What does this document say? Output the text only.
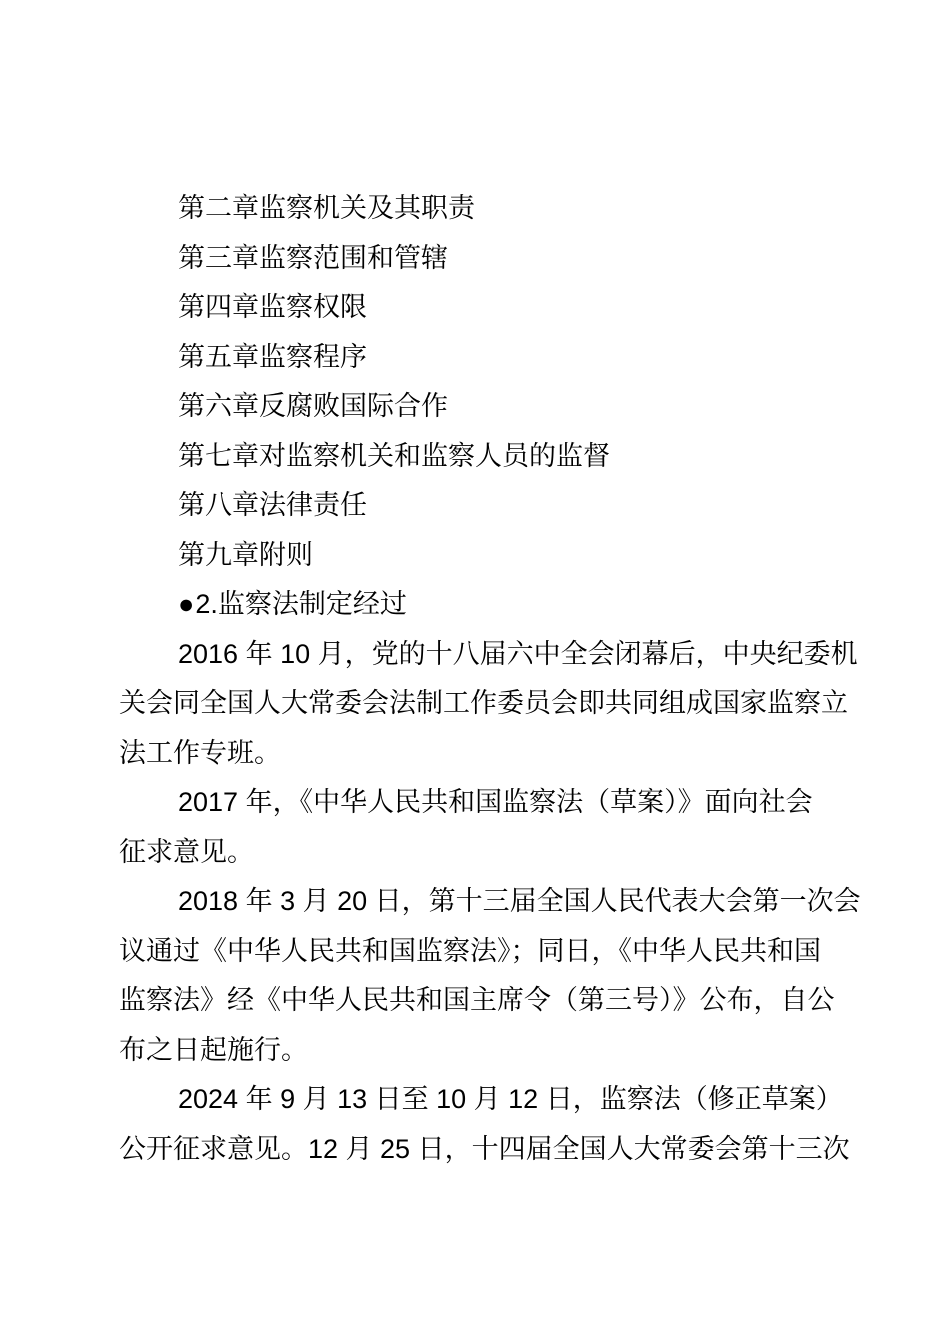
第二章监察机关及其职责
第三章监察范围和管辖
第四章监察权限
第五章监察程序
第六章反腐败国际合作
第七章对监察机关和监察人员的监督
第八章法律责任
第九章附则
●2.监察法制定经过
2016 年 10 月，党的十八届六中全会闭幕后，中央纪委机
关会同全国人大常委会法制工作委员会即共同组成国家监察立
法工作专班。
2017 年，《中华人民共和国监察法（草案）》面向社会
征求意见。
2018 年 3 月 20 日，第十三届全国人民代表大会第一次会
议通过《中华人民共和国监察法》；同日，《中华人民共和国
监察法》经《中华人民共和国主席令（第三号）》公布，自公
布之日起施行。
2024 年 9 月 13 日至 10 月 12 日，监察法（修正草案）
公开征求意见。12 月 25 日，十四届全国人大常委会第十三次
